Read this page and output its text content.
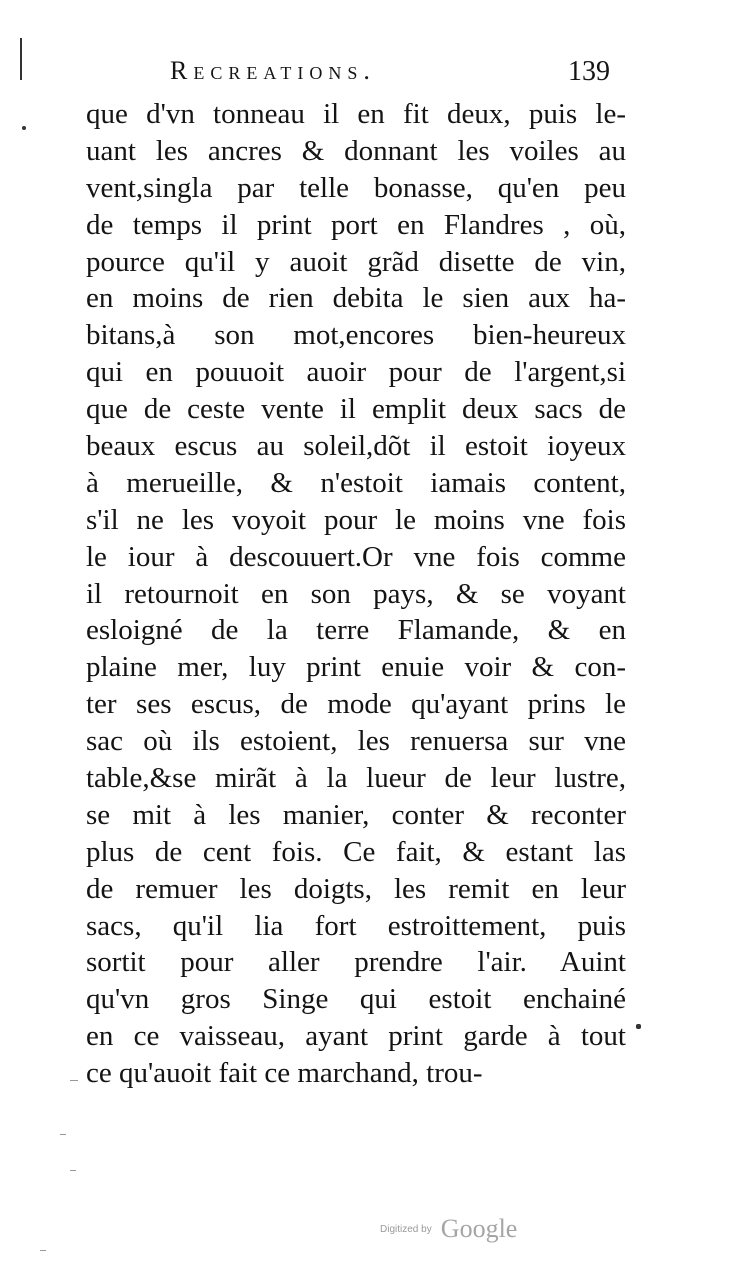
Recreations.	139
que d'vn tonneau il en fit deux, puis le-
uant les ancres & donnant les voiles au
vent,singla par telle bonasse, qu'en peu
de temps il print port en Flandres , où,
pource qu'il y auoit grãd disette de vin,
en moins de rien debita le sien aux ha-
bitans,à son mot,encores bien-heureux
qui en pouuoit auoir pour de l'argent,si
que de ceste vente il emplit deux sacs de
beaux escus au soleil,dõt il estoit ioyeux
à merueille, & n'estoit iamais content,
s'il ne les voyoit pour le moins vne fois
le iour à descouuert.Or vne fois comme
il retournoit en son pays, & se voyant
esloigné de la terre Flamande, & en
plaine mer, luy print enuie voir & con-
ter ses escus, de mode qu'ayant prins le
sac où ils estoient, les renuersa sur vne
table,&se mirãt à la lueur de leur lustre,
se mit à les manier, conter & reconter
plus de cent fois. Ce fait, & estant las
de remuer les doigts, les remit en leur
sacs, qu'il lia fort estroittement, puis
sortit pour aller prendre l'air. Auint
qu'vn gros Singe qui estoit enchainé
en ce vaisseau, ayant print garde à tout
ce qu'auoit fait ce marchand, trou-
Digitized by Google
